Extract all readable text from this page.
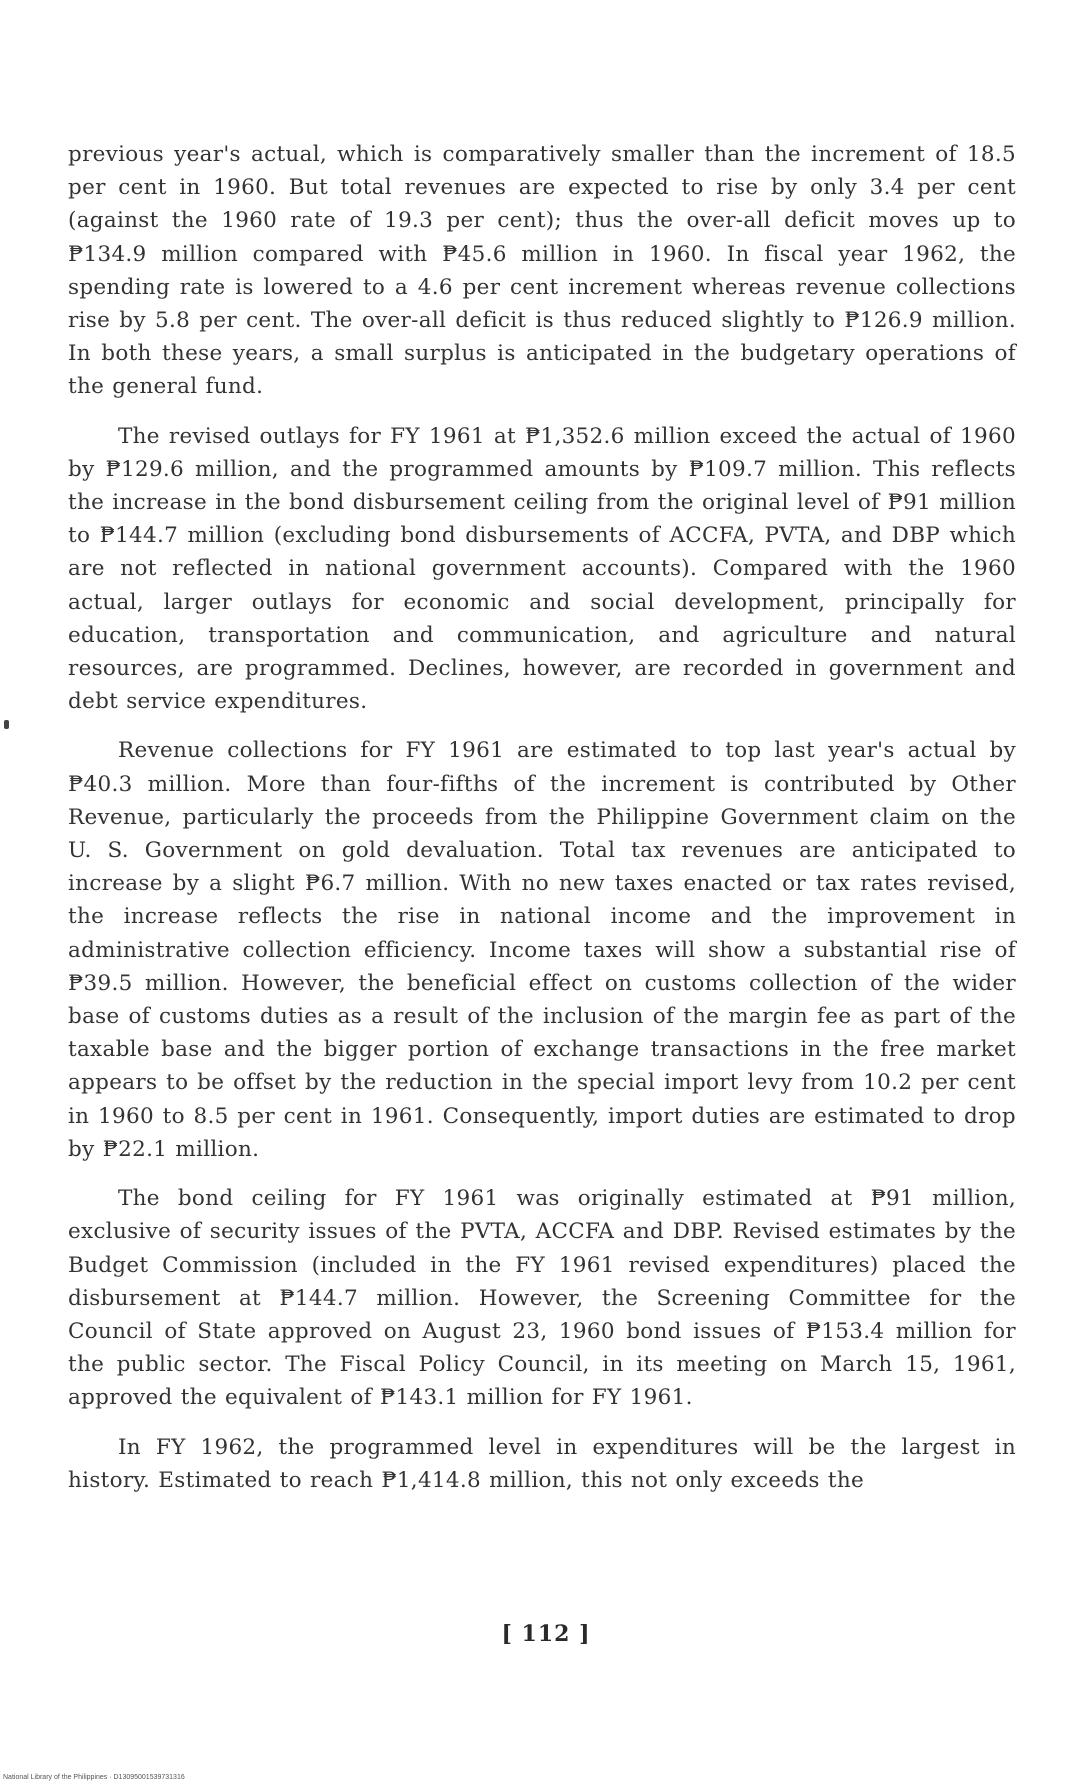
previous year's actual, which is comparatively smaller than the increment of 18.5 per cent in 1960. But total revenues are expected to rise by only 3.4 per cent (against the 1960 rate of 19.3 per cent); thus the over-all deficit moves up to ₱134.9 million compared with ₱45.6 million in 1960. In fiscal year 1962, the spending rate is lowered to a 4.6 per cent increment whereas revenue collections rise by 5.8 per cent. The over-all deficit is thus reduced slightly to ₱126.9 million. In both these years, a small surplus is anticipated in the budgetary operations of the general fund.

The revised outlays for FY 1961 at ₱1,352.6 million exceed the actual of 1960 by ₱129.6 million, and the programmed amounts by ₱109.7 million. This reflects the increase in the bond disbursement ceiling from the original level of ₱91 million to ₱144.7 million (excluding bond disbursements of ACCFA, PVTA, and DBP which are not reflected in national government accounts). Compared with the 1960 actual, larger outlays for economic and social development, principally for education, transportation and communication, and agriculture and natural resources, are programmed. Declines, however, are recorded in government and debt service expenditures.

Revenue collections for FY 1961 are estimated to top last year's actual by ₱40.3 million. More than four-fifths of the increment is contributed by Other Revenue, particularly the proceeds from the Philippine Government claim on the U. S. Government on gold devaluation. Total tax revenues are anticipated to increase by a slight ₱6.7 million. With no new taxes enacted or tax rates revised, the increase reflects the rise in national income and the improvement in administrative collection efficiency. Income taxes will show a substantial rise of ₱39.5 million. However, the beneficial effect on customs collection of the wider base of customs duties as a result of the inclusion of the margin fee as part of the taxable base and the bigger portion of exchange transactions in the free market appears to be offset by the reduction in the special import levy from 10.2 per cent in 1960 to 8.5 per cent in 1961. Consequently, import duties are estimated to drop by ₱22.1 million.

The bond ceiling for FY 1961 was originally estimated at ₱91 million, exclusive of security issues of the PVTA, ACCFA and DBP. Revised estimates by the Budget Commission (included in the FY 1961 revised expenditures) placed the disbursement at ₱144.7 million. However, the Screening Committee for the Council of State approved on August 23, 1960 bond issues of ₱153.4 million for the public sector. The Fiscal Policy Council, in its meeting on March 15, 1961, approved the equivalent of ₱143.1 million for FY 1961.

In FY 1962, the programmed level in expenditures will be the largest in history. Estimated to reach ₱1,414.8 million, this not only exceeds the

[ 112 ]
National Library of the Philippines · D13095001539731316
